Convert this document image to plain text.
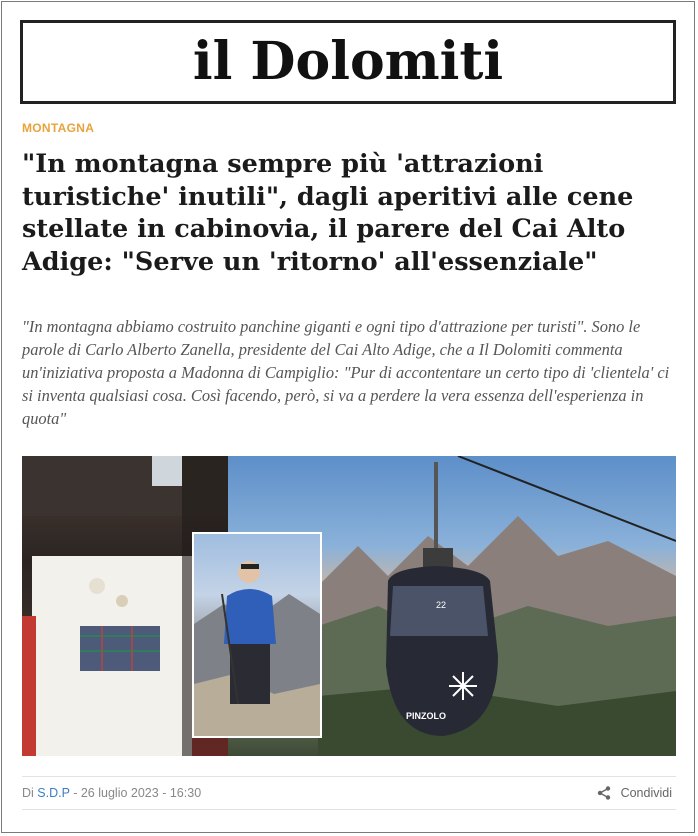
il Dolomiti
MONTAGNA
"In montagna sempre più 'attrazioni turistiche' inutili", dagli aperitivi alle cene stellate in cabinovia, il parere del Cai Alto Adige: "Serve un 'ritorno' all'essenziale"

"In montagna abbiamo costruito panchine giganti e ogni tipo d'attrazione per turisti". Sono le parole di Carlo Alberto Zanella, presidente del Cai Alto Adige, che a Il Dolomiti commenta un'iniziativa proposta a Madonna di Campiglio: "Pur di accontentare un certo tipo di 'clientela' ci si inventa qualsiasi cosa. Così facendo, però, si va a perdere la vera essenza dell'esperienza in quota"

PINZOLO
22
Di S.D.P - 26 luglio 2023 - 16:30	Condividi
